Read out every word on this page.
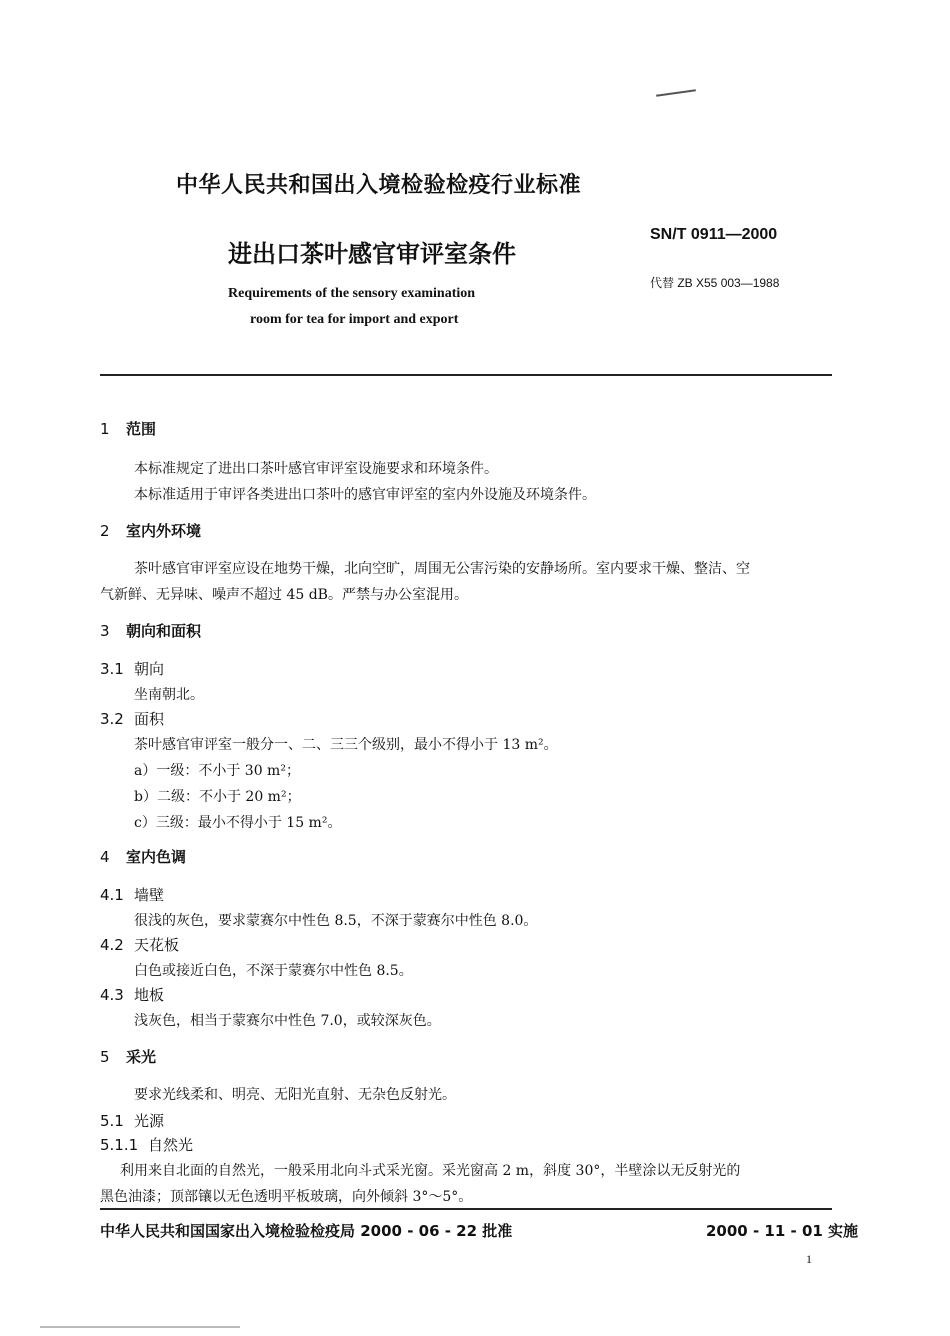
中华人民共和国出入境检验检疫行业标准
进出口茶叶感官审评室条件
Requirements of the sensory examination
room for tea for import and export
SN/T 0911—2000
代替 ZB X55 003—1988
1 范围
本标准规定了进出口茶叶感官审评室设施要求和环境条件。
本标准适用于审评各类进出口茶叶的感官审评室的室内外设施及环境条件。
2 室内外环境
茶叶感官审评室应设在地势干燥，北向空旷，周围无公害污染的安静场所。室内要求干燥、整洁、空
气新鲜、无异味、噪声不超过 45 dB。严禁与办公室混用。
3 朝向和面积
3.1 朝向
坐南朝北。
3.2 面积
茶叶感官审评室一般分一、二、三三个级别，最小不得小于 13 m²。
a）一级：不小于 30 m²；
b）二级：不小于 20 m²；
c）三级：最小不得小于 15 m²。
4 室内色调
4.1 墙壁
很浅的灰色，要求蒙赛尔中性色 8.5，不深于蒙赛尔中性色 8.0。
4.2 天花板
白色或接近白色，不深于蒙赛尔中性色 8.5。
4.3 地板
浅灰色，相当于蒙赛尔中性色 7.0，或较深灰色。
5 采光
要求光线柔和、明亮、无阳光直射、无杂色反射光。
5.1 光源
5.1.1 自然光
利用来自北面的自然光，一般采用北向斗式采光窗。采光窗高 2 m，斜度 30°，半壁涂以无反射光的
黑色油漆；顶部镶以无色透明平板玻璃，向外倾斜 3°～5°。
中华人民共和国国家出入境检验检疫局 2000 - 06 - 22 批准	2000 - 11 - 01 实施
1
